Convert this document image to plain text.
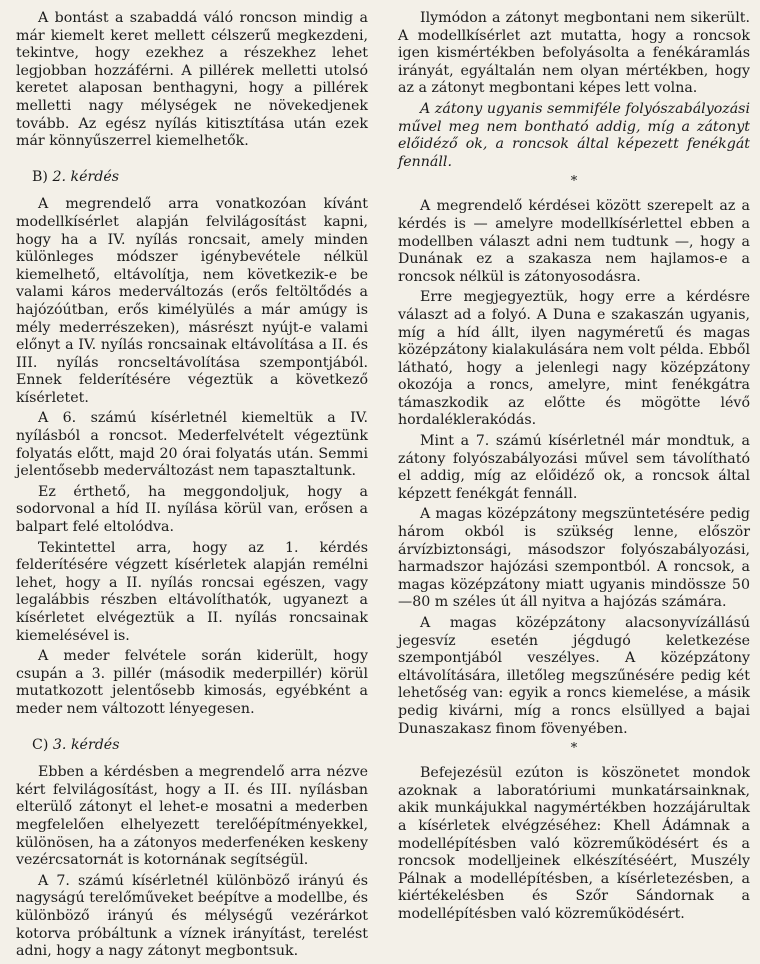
A bontást a szabaddá váló roncson mindig a már kiemelt keret mellett célszerű megkezdeni, tekintve, hogy ezekhez a részekhez lehet legjobban hozzáférni. A pillérek melletti utolsó keretet alaposan benthagyni, hogy a pillérek melletti nagy mélységek ne növekedjenek tovább. Az egész nyílás kitisztítása után ezek már könnyűszerrel kiemelhetők.

B) 2. kérdés

A megrendelő arra vonatkozóan kívánt modellkísérlet alapján felvilágosítást kapni, hogy ha a IV. nyílás roncsait, amely minden különleges módszer igénybevétele nélkül kiemelhető, eltávolítja, nem következik-e be valami káros mederváltozás (erős feltöltődés a hajózóútban, erős kimélyülés a már amúgy is mély mederrészeken), másrészt nyújt-e valami előnyt a IV. nyílás roncsainak eltávolítása a II. és III. nyílás roncseltávolítása szempontjából. Ennek felderítésére végeztük a következő kísérletet.

A 6. számú kísérletnél kiemeltük a IV. nyílásból a roncsot. Mederfelvételt végeztünk folyatás előtt, majd 20 órai folyatás után. Semmi jelentősebb mederváltozást nem tapasztaltunk.

Ez érthető, ha meggondoljuk, hogy a sodorvonal a híd II. nyílása körül van, erősen a balpart felé eltolódva.

Tekintettel arra, hogy az 1. kérdés felderítésére végzett kísérletek alapján remélni lehet, hogy a II. nyílás roncsai egészen, vagy legalábbis részben eltávolíthatók, ugyanezt a kísérletet elvégeztük a II. nyílás roncsainak kiemelésével is.

A meder felvétele során kiderült, hogy csupán a 3. pillér (második mederpillér) körül mutatkozott jelentősebb kimosás, egyébként a meder nem változott lényegesen.

C) 3. kérdés

Ebben a kérdésben a megrendelő arra nézve kért felvilágosítást, hogy a II. és III. nyílásban elterülő zátonyt el lehet-e mosatni a mederben megfelelően elhelyezett terelőépítményekkel, különösen, ha a zátonyos mederfenéken keskeny vezércsatornát is kotornának segítségül.

A 7. számú kísérletnél különböző irányú és nagyságú terelőműveket beépítve a modellbe, és különböző irányú és mélységű vezérárkot kotorva próbáltunk a víznek irányítást, terelést adni, hogy a nagy zátonyt megbontsuk.

Ilymódon a zátonyt megbontani nem sikerült. A modellkísérlet azt mutatta, hogy a roncsok igen kismértékben befolyásolta a fenékáramlás irányát, egyáltalán nem olyan mértékben, hogy az a zátonyt megbontani képes lett volna.

A zátony ugyanis semmiféle folyószabályozási művel meg nem bontható addig, míg a zátonyt előidéző ok, a roncsok által képezett fenékgát fennáll.

*

A megrendelő kérdései között szerepelt az a kérdés is — amelyre modellkísérlettel ebben a modellben választ adni nem tudtunk —, hogy a Dunának ez a szakasza nem hajlamos-e a roncsok nélkül is zátonyosodásra.

Erre megjegyeztük, hogy erre a kérdésre választ ad a folyó. A Duna e szakaszán ugyanis, míg a híd állt, ilyen nagyméretű és magas középzátony kialakulására nem volt példa. Ebből látható, hogy a jelenlegi nagy középzátony okozója a roncs, amelyre, mint fenékgátra támaszkodik az előtte és mögötte lévő hordaléklerakódás.

Mint a 7. számú kísérletnél már mondtuk, a zátony folyószabályozási művel sem távolítható el addig, míg az előidéző ok, a roncsok által képzett fenékgát fennáll.

A magas középzátony megszüntetésére pedig három okból is szükség lenne, először árvízbiztonsági, másodszor folyószabályozási, harmadszor hajózási szempontból. A roncsok, a magas középzátony miatt ugyanis mindössze 50—80 m széles út áll nyitva a hajózás számára.

A magas középzátony alacsonyvízállású jegesvíz esetén jégdugó keletkezése szempontjából veszélyes. A középzátony eltávolítására, illetőleg megszűnésére pedig két lehetőség van: egyik a roncs kiemelése, a másik pedig kivárni, míg a roncs elsüllyed a bajai Dunaszakasz finom fövenyében.

*

Befejezésül ezúton is köszönetet mondok azoknak a laboratóriumi munkatársainknak, akik munkájukkal nagymértékben hozzájárultak a kísérletek elvégzéséhez: Khell Ádámnak a modellépítésben való közreműködésért és a roncsok modelljeinek elkészítéséért, Muszély Pálnak a modellépítésben, a kísérletezésben, a kiértékelésben és Szőr Sándornak a modellépítésben való közreműködésért.
